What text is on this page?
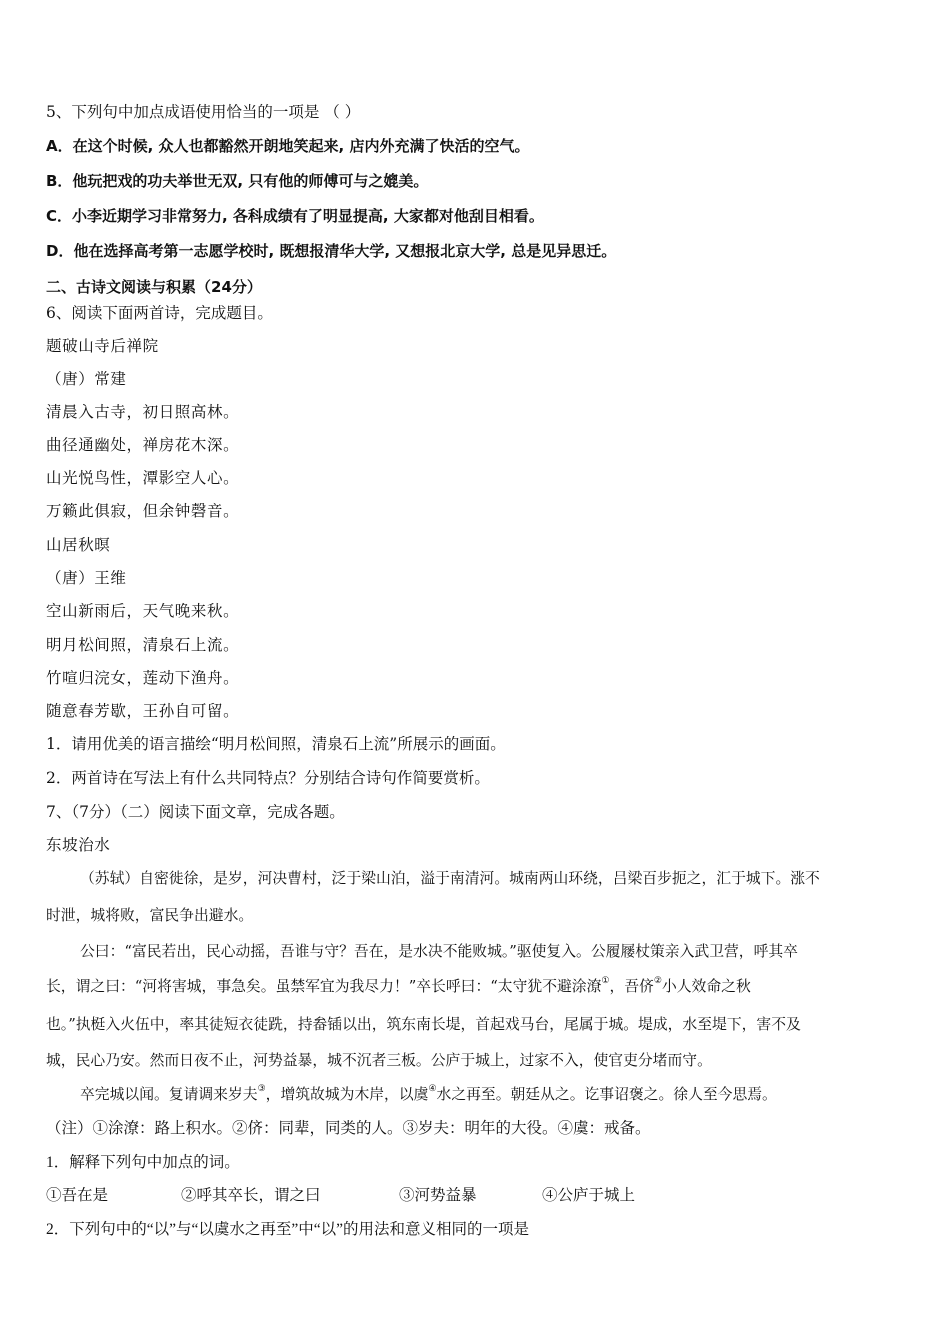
5、下列句中加点成语使用恰当的一项是 （ ）
A．在这个时候, 众人也都豁然开朗地笑起来, 店内外充满了快活的空气。
B．他玩把戏的功夫举世无双, 只有他的师傅可与之媲美。
C．小李近期学习非常努力, 各科成绩有了明显提高, 大家都对他刮目相看。
D．他在选择高考第一志愿学校时, 既想报清华大学, 又想报北京大学, 总是见异思迁。
二、古诗文阅读与积累（24分）
6、阅读下面两首诗，完成题目。
题破山寺后禅院
（唐）常建
清晨入古寺，初日照高林。
曲径通幽处，禅房花木深。
山光悦鸟性，潭影空人心。
万籁此俱寂，但余钟磬音。
山居秋暝
（唐）王维
空山新雨后，天气晚来秋。
明月松间照，清泉石上流。
竹喧归浣女，莲动下渔舟。
随意春芳歇，王孙自可留。
1．请用优美的语言描绘“明月松间照，清泉石上流”所展示的画面。
2．两首诗在写法上有什么共同特点？分别结合诗句作简要赏析。
7、（7分）（二）阅读下面文章，完成各题。
东坡治水
（苏轼）自密徙徐，是岁，河决曹村，泛于梁山泊，溢于南清河。城南两山环绕，吕梁百步扼之，汇于城下。涨不
时泄，城将败，富民争出避水。
公曰：“富民若出，民心动摇，吾谁与守？吾在，是水决不能败城。”驱使复入。公履屦杖策亲入武卫营，呼其卒
长，谓之曰：“河将害城，事急矣。虽禁军宜为我尽力！”卒长呼曰：“太守犹不避涂潦①，吾侪②小人效命之秋
也。”执梃入火伍中，率其徒短衣徒跣，持畚锸以出，筑东南长堤，首起戏马台，尾属于城。堤成，水至堤下，害不及
城，民心乃安。然而日夜不止，河势益暴，城不沉者三板。公庐于城上，过家不入，使官吏分堵而守。
卒完城以闻。复请调来岁夫③，增筑故城为木岸，以虞④水之再至。朝廷从之。讫事诏褒之。徐人至今思焉。
（注）①涂潦：路上积水。②侪：同辈，同类的人。③岁夫：明年的大役。④虞：戒备。
1．解释下列句中加点的词。
①吾在是	②呼其卒长，谓之曰	③河势益暴	④公庐于城上
2．下列句中的“以”与“以虞水之再至”中“以”的用法和意义相同的一项是
